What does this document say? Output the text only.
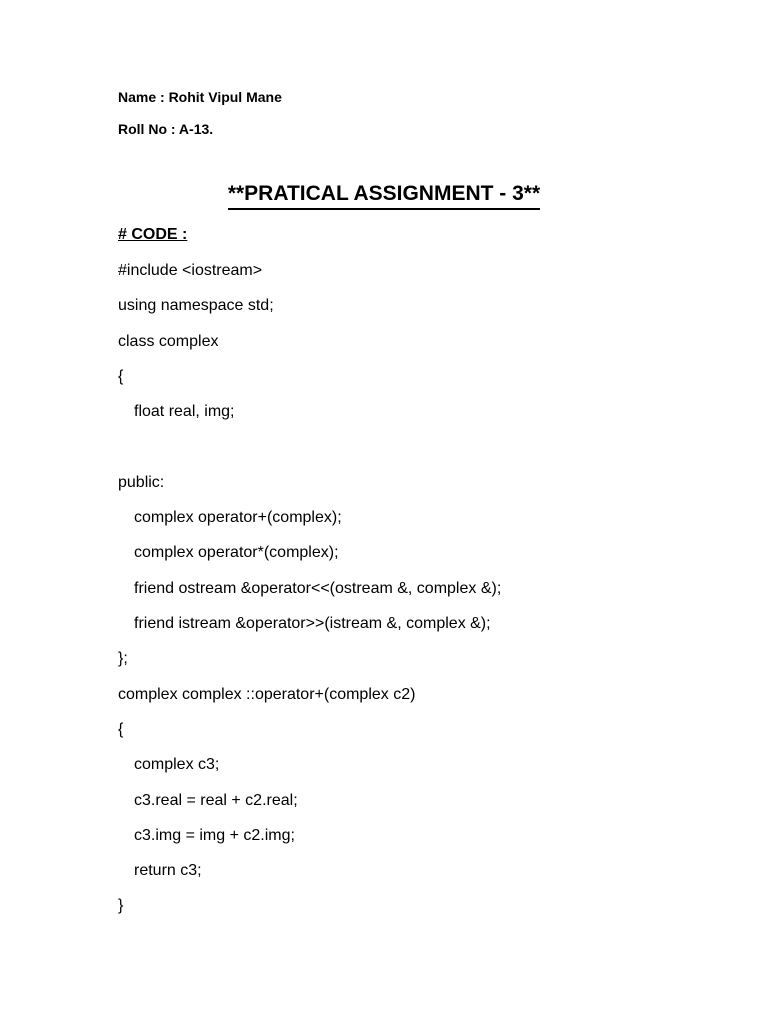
Name : Rohit Vipul Mane
Roll No : A-13.
**PRATICAL ASSIGNMENT - 3**
# CODE :
#include <iostream>
using namespace std;
class complex
{
float real, img;
public:
complex operator+(complex);
complex operator*(complex);
friend ostream &operator<<(ostream &, complex &);
friend istream &operator>>(istream &, complex &);
};
complex complex ::operator+(complex c2)
{
complex c3;
c3.real = real + c2.real;
c3.img = img + c2.img;
return c3;
}
